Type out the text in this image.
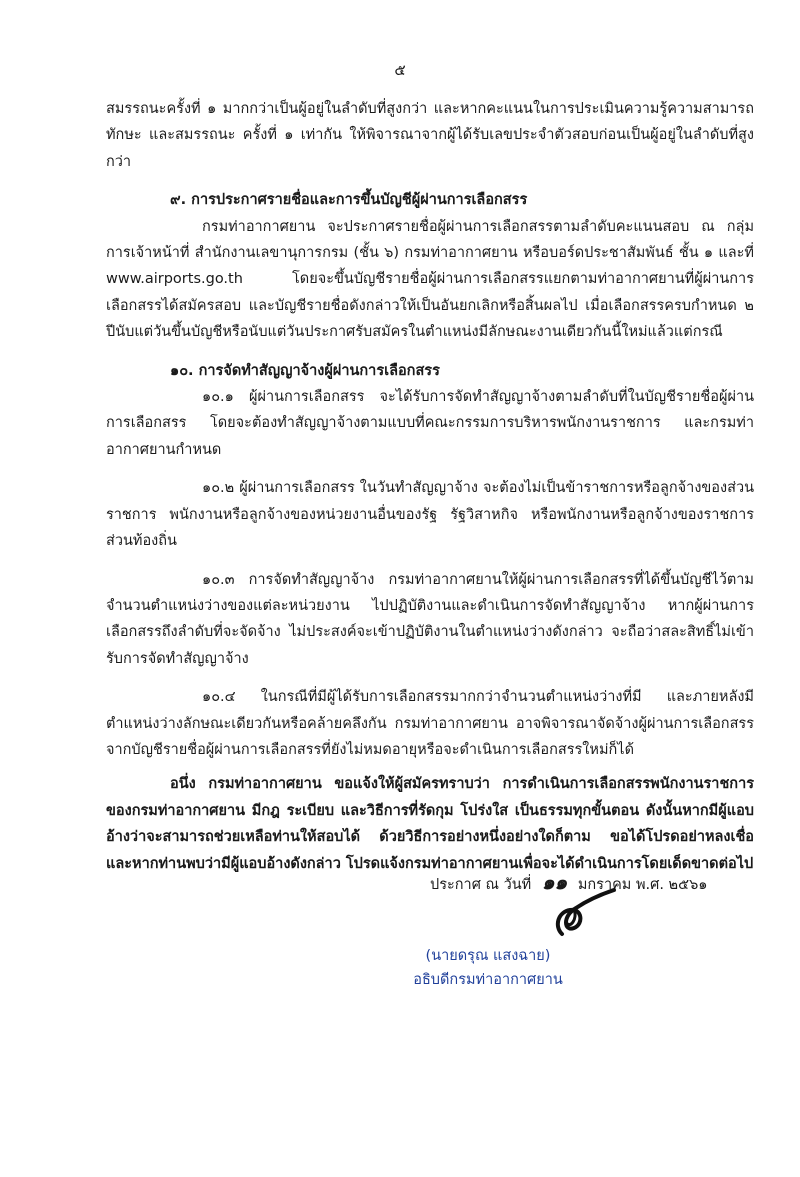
๕

สมรรถนะครั้งที่ ๑ มากกว่าเป็นผู้อยู่ในลำดับที่สูงกว่า และหากคะแนนในการประเมินความรู้ความสามารถทักษะ และสมรรถนะ ครั้งที่ ๑ เท่ากัน ให้พิจารณาจากผู้ได้รับเลขประจำตัวสอบก่อนเป็นผู้อยู่ในลำดับที่สูงกว่า

๙. การประกาศรายชื่อและการขึ้นบัญชีผู้ผ่านการเลือกสรร

กรมท่าอากาศยาน จะประกาศรายชื่อผู้ผ่านการเลือกสรรตามลำดับคะแนนสอบ ณ กลุ่มการเจ้าหน้าที่ สำนักงานเลขานุการกรม (ชั้น ๖) กรมท่าอากาศยาน หรือบอร์ดประชาสัมพันธ์ ชั้น ๑ และที่ www.airports.go.th โดยจะขึ้นบัญชีรายชื่อผู้ผ่านการเลือกสรรแยกตามท่าอากาศยานที่ผู้ผ่านการเลือกสรรได้สมัครสอบ และบัญชีรายชื่อดังกล่าวให้เป็นอันยกเลิกหรือสิ้นผลไป เมื่อเลือกสรรครบกำหนด ๒ ปีนับแต่วันขึ้นบัญชีหรือนับแต่วันประกาศรับสมัครในตำแหน่งมีลักษณะงานเดียวกันนี้ใหม่แล้วแต่กรณี

๑๐. การจัดทำสัญญาจ้างผู้ผ่านการเลือกสรร

๑๐.๑ ผู้ผ่านการเลือกสรร จะได้รับการจัดทำสัญญาจ้างตามลำดับที่ในบัญชีรายชื่อผู้ผ่านการเลือกสรร โดยจะต้องทำสัญญาจ้างตามแบบที่คณะกรรมการบริหารพนักงานราชการ และกรมท่าอากาศยานกำหนด

๑๐.๒ ผู้ผ่านการเลือกสรร ในวันทำสัญญาจ้าง จะต้องไม่เป็นข้าราชการหรือลูกจ้างของส่วนราชการ พนักงานหรือลูกจ้างของหน่วยงานอื่นของรัฐ รัฐวิสาหกิจ หรือพนักงานหรือลูกจ้างของราชการส่วนท้องถิ่น

๑๐.๓ การจัดทำสัญญาจ้าง กรมท่าอากาศยานให้ผู้ผ่านการเลือกสรรที่ได้ขึ้นบัญชีไว้ตามจำนวนตำแหน่งว่างของแต่ละหน่วยงาน ไปปฏิบัติงานและดำเนินการจัดทำสัญญาจ้าง หากผู้ผ่านการเลือกสรรถึงลำดับที่จะจัดจ้าง ไม่ประสงค์จะเข้าปฏิบัติงานในตำแหน่งว่างดังกล่าว จะถือว่าสละสิทธิ์ไม่เข้ารับการจัดทำสัญญาจ้าง

๑๐.๔ ในกรณีที่มีผู้ได้รับการเลือกสรรมากกว่าจำนวนตำแหน่งว่างที่มี และภายหลังมีตำแหน่งว่างลักษณะเดียวกันหรือคล้ายคลึงกัน กรมท่าอากาศยาน อาจพิจารณาจัดจ้างผู้ผ่านการเลือกสรรจากบัญชีรายชื่อผู้ผ่านการเลือกสรรที่ยังไม่หมดอายุหรือจะดำเนินการเลือกสรรใหม่ก็ได้

อนึ่ง กรมท่าอากาศยาน ขอแจ้งให้ผู้สมัครทราบว่า การดำเนินการเลือกสรรพนักงานราชการของกรมท่าอากาศยาน มีกฎ ระเบียบ และวิธีการที่รัดกุม โปร่งใส เป็นธรรมทุกขั้นตอน ดังนั้นหากมีผู้แอบอ้างว่าจะสามารถช่วยเหลือท่านให้สอบได้ ด้วยวิธีการอย่างหนึ่งอย่างใดก็ตาม ขอได้โปรดอย่าหลงเชื่อ และหากท่านพบว่ามีผู้แอบอ้างดังกล่าว โปรดแจ้งกรมท่าอากาศยานเพื่อจะได้ดำเนินการโดยเด็ดขาดต่อไป

ประกาศ ณ วันที่ ๑๑ มกราคม พ.ศ. ๒๕๖๑
(นายดรุณ แสงฉาย)
อธิบดีกรมท่าอากาศยาน
